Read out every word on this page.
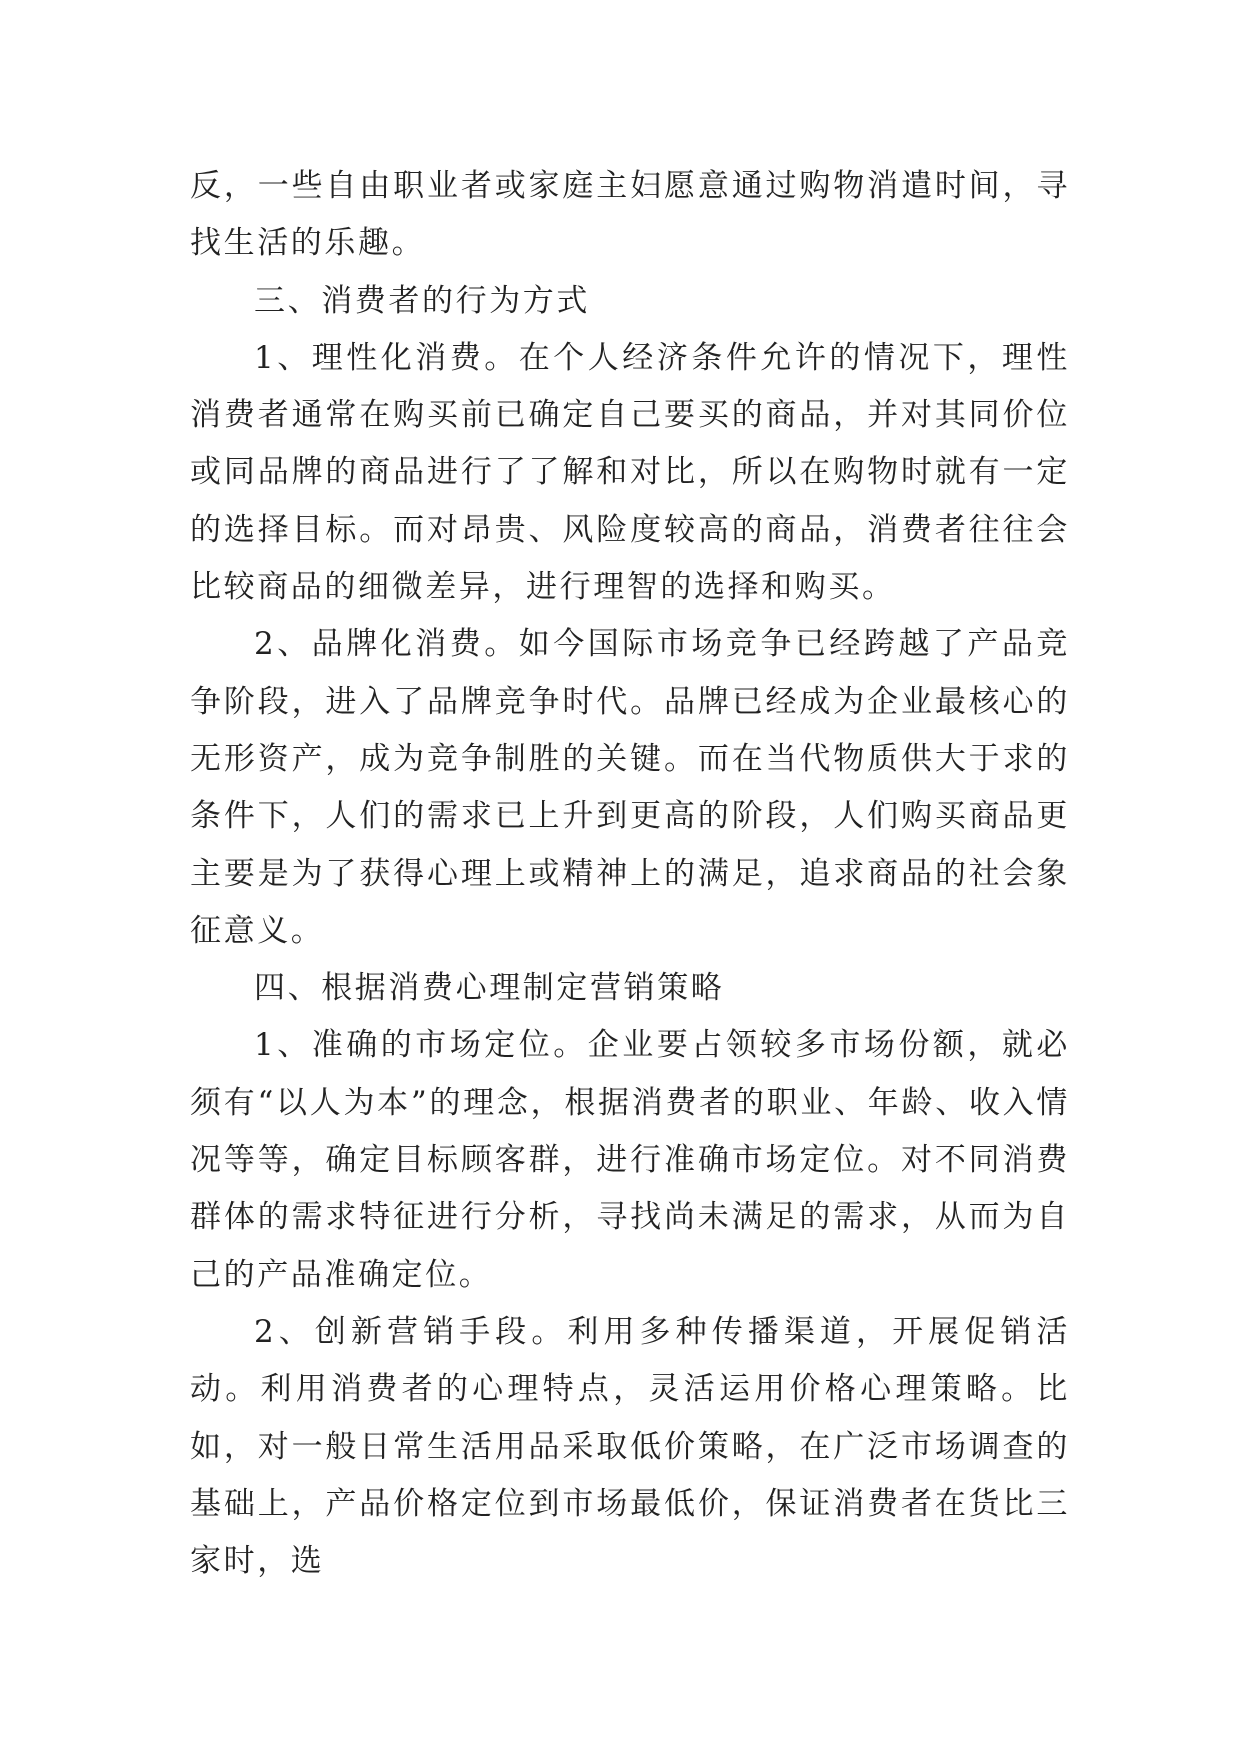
反，一些自由职业者或家庭主妇愿意通过购物消遣时间，寻找生活的乐趣。

三、消费者的行为方式

1、理性化消费。在个人经济条件允许的情况下，理性消费者通常在购买前已确定自己要买的商品，并对其同价位或同品牌的商品进行了了解和对比，所以在购物时就有一定的选择目标。而对昂贵、风险度较高的商品，消费者往往会比较商品的细微差异，进行理智的选择和购买。

2、品牌化消费。如今国际市场竞争已经跨越了产品竞争阶段，进入了品牌竞争时代。品牌已经成为企业最核心的无形资产，成为竞争制胜的关键。而在当代物质供大于求的条件下，人们的需求已上升到更高的阶段，人们购买商品更主要是为了获得心理上或精神上的满足，追求商品的社会象征意义。

四、根据消费心理制定营销策略

1、准确的市场定位。企业要占领较多市场份额，就必须有“以人为本”的理念，根据消费者的职业、年龄、收入情况等等，确定目标顾客群，进行准确市场定位。对不同消费群体的需求特征进行分析，寻找尚未满足的需求，从而为自己的产品准确定位。

2、创新营销手段。利用多种传播渠道，开展促销活动。利用消费者的心理特点，灵活运用价格心理策略。比如，对一般日常生活用品采取低价策略，在广泛市场调查的基础上，产品价格定位到市场最低价，保证消费者在货比三家时，选
